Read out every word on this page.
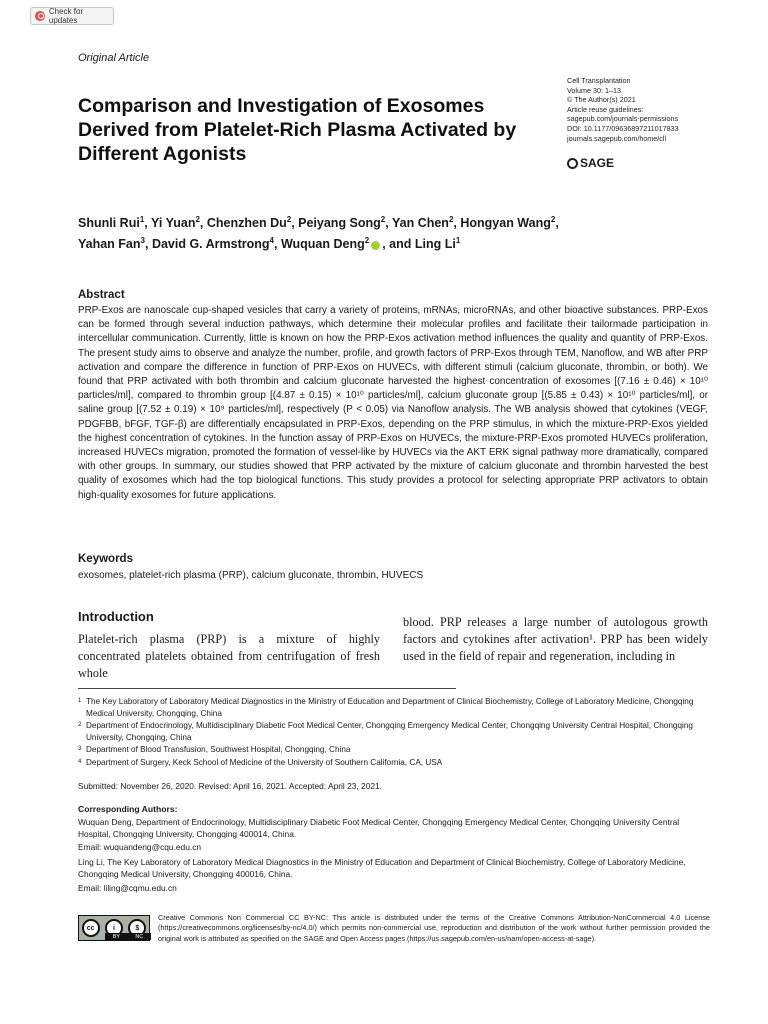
Check for updates
Original Article
Comparison and Investigation of Exosomes Derived from Platelet-Rich Plasma Activated by Different Agonists
Cell Transplantation
Volume 30: 1–13
© The Author(s) 2021
Article reuse guidelines:
sagepub.com/journals-permissions
DOI: 10.1177/09636897211017833
journals.sagepub.com/home/cll
SAGE
Shunli Rui$^1$, Yi Yuan$^2$, Chenzhen Du$^2$, Peiyang Song$^2$, Yan Chen$^2$, Hongyan Wang$^2$,
Yahan Fan$^3$, David G. Armstrong$^4$, Wuquan Deng$^2$ , and Ling Li$^1$
Abstract

PRP-Exos are nanoscale cup-shaped vesicles that carry a variety of proteins, mRNAs, microRNAs, and other bioactive substances. PRP-Exos can be formed through several induction pathways, which determine their molecular profiles and facilitate their tailormade participation in intercellular communication. Currently, little is known on how the PRP-Exos activation method influences the quality and quantity of PRP-Exos. The present study aims to observe and analyze the number, profile, and growth factors of PRP-Exos through TEM, Nanoflow, and WB after PRP activation and compare the difference in function of PRP-Exos on HUVECs, with different stimuli (calcium gluconate, thrombin, or both). We found that PRP activated with both thrombin and calcium gluconate harvested the highest concentration of exosomes [(7.16 ± 0.46) × 10¹⁰ particles/ml], compared to thrombin group [(4.87 ± 0.15) × 10¹⁰ particles/ml], calcium gluconate group [(5.85 ± 0.43) × 10¹⁰ particles/ml], or saline group [(7.52 ± 0.19) × 10⁹ particles/ml], respectively (P < 0.05) via Nanoflow analysis. The WB analysis showed that cytokines (VEGF, PDGFBB, bFGF, TGF-β) are differentially encapsulated in PRP-Exos, depending on the PRP stimulus, in which the mixture-PRP-Exos yielded the highest concentration of cytokines. In the function assay of PRP-Exos on HUVECs, the mixture-PRP-Exos promoted HUVECs proliferation, increased HUVECs migration, promoted the formation of vessel-like by HUVECs via the AKT ERK signal pathway more dramatically, compared with other groups. In summary, our studies showed that PRP activated by the mixture of calcium gluconate and thrombin harvested the best quality of exosomes which had the top biological functions. This study provides a protocol for selecting appropriate PRP activators to obtain high-quality exosomes for future applications.

Keywords
exosomes, platelet-rich plasma (PRP), calcium gluconate, thrombin, HUVECS
Introduction

Platelet-rich plasma (PRP) is a mixture of highly concentrated platelets obtained from centrifugation of fresh whole

blood. PRP releases a large number of autologous growth factors and cytokines after activation¹. PRP has been widely used in the field of repair and regeneration, including in

1 The Key Laboratory of Laboratory Medical Diagnostics in the Ministry of Education and Department of Clinical Biochemistry, College of Laboratory Medicine, Chongqing Medical University, Chongqing, China
2 Department of Endocrinology, Multidisciplinary Diabetic Foot Medical Center, Chongqing Emergency Medical Center, Chongqing University Central Hospital, Chongqing University, Chongqing, China
3 Department of Blood Transfusion, Southwest Hospital, Chongqing, China
4 Department of Surgery, Keck School of Medicine of the University of Southern California, CA, USA
Submitted: November 26, 2020. Revised: April 16, 2021. Accepted: April 23, 2021.
Corresponding Authors:
Wuquan Deng, Department of Endocrinology, Multidisciplinary Diabetic Foot Medical Center, Chongqing Emergency Medical Center, Chongqing University Central Hospital, Chongqing University, Chongqing 400014, China.
Email: wuquandeng@cqu.edu.cn
Ling Li, The Key Laboratory of Laboratory Medical Diagnostics in the Ministry of Education and Department of Clinical Biochemistry, College of Laboratory Medicine, Chongqing Medical University, Chongqing 400016, China.
Email: liling@cqmu.edu.cn
cc	i	$
BY	NC
Creative Commons Non Commercial CC BY-NC: This article is distributed under the terms of the Creative Commons Attribution-NonCommercial 4.0 License (https://creativecommons.org/licenses/by-nc/4.0/) which permits non-commercial use, reproduction and distribution of the work without further permission provided the original work is attributed as specified on the SAGE and Open Access pages (https://us.sagepub.com/en-us/nam/open-access-at-sage).
